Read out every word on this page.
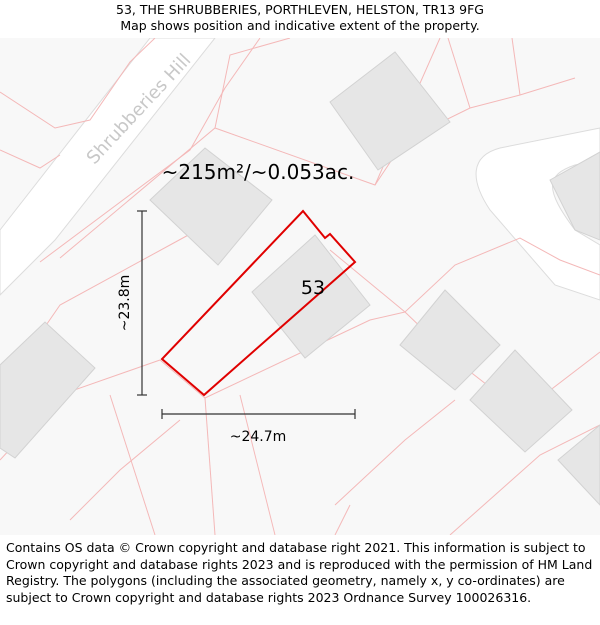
53, THE SHRUBBERIES, PORTHLEVEN, HELSTON, TR13 9FG
Map shows position and indicative extent of the property.
Shrubberies Hill
~215m²/~0.053ac.
53
~23.8m
~24.7m
Contains OS data © Crown copyright and database right 2021. This information is subject to Crown copyright and database rights 2023 and is reproduced with the permission of HM Land Registry. The polygons (including the associated geometry, namely x, y co-ordinates) are subject to Crown copyright and database rights 2023 Ordnance Survey 100026316.
